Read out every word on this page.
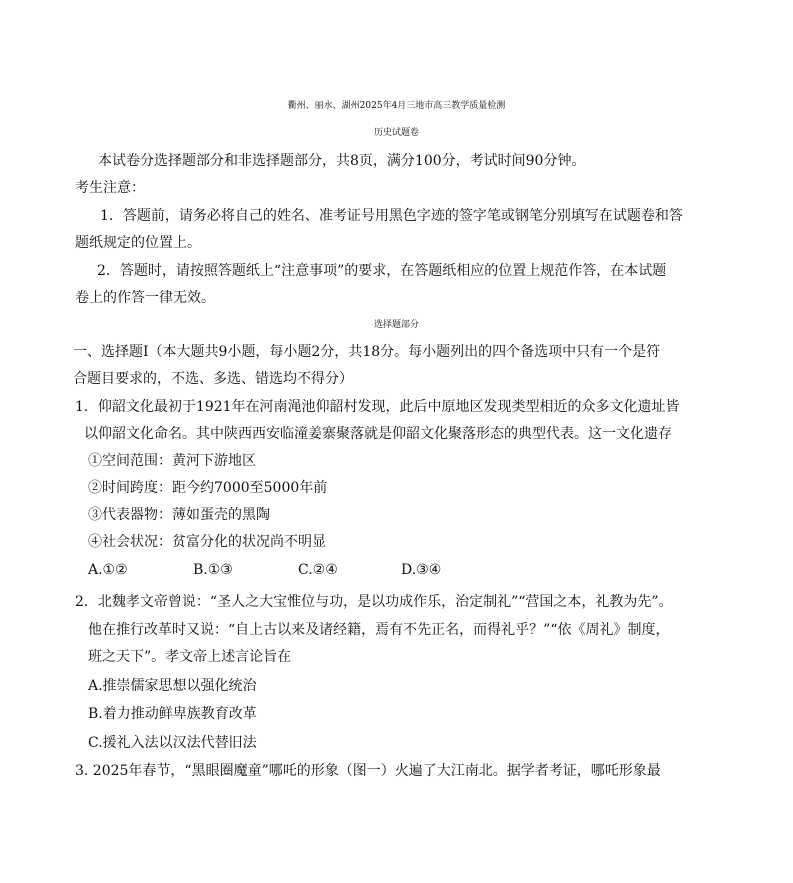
衢州、丽水、湖州2025年4月三地市高三教学质量检测
历史试题卷
本试卷分选择题部分和非选择题部分，共8页，满分100分，考试时间90分钟。
考生注意：
1．答题前，请务必将自己的姓名、准考证号用黑色字迹的签字笔或钢笔分别填写在试题卷和答
题纸规定的位置上。
2．答题时，请按照答题纸上“注意事项”的要求，在答题纸相应的位置上规范作答，在本试题
卷上的作答一律无效。
选择题部分
一、选择题Ⅰ（本大题共9小题，每小题2分，共18分。每小题列出的四个备选项中只有一个是符
合题目要求的，不选、多选、错选均不得分）
1．仰韶文化最初于1921年在河南渑池仰韶村发现，此后中原地区发现类型相近的众多文化遗址皆
以仰韶文化命名。其中陕西西安临潼姜寨聚落就是仰韶文化聚落形态的典型代表。这一文化遗存
①空间范围：黄河下游地区
②时间跨度：距今约7000至5000年前
③代表器物：薄如蛋壳的黑陶
④社会状况：贫富分化的状况尚不明显
A.①②	B.①③	C.②④	D.③④
2．北魏孝文帝曾说：“圣人之大宝惟位与功，是以功成作乐，治定制礼”“营国之本，礼教为先”。
他在推行改革时又说：“自上古以来及诸经籍，焉有不先正名，而得礼乎？”“依《周礼》制度，
班之天下”。孝文帝上述言论旨在
A.推崇儒家思想以强化统治
B.着力推动鲜卑族教育改革
C.援礼入法以汉法代替旧法
3. 2025年春节，“黑眼圈魔童”哪吒的形象（图一）火遍了大江南北。据学者考证，哪吒形象最
